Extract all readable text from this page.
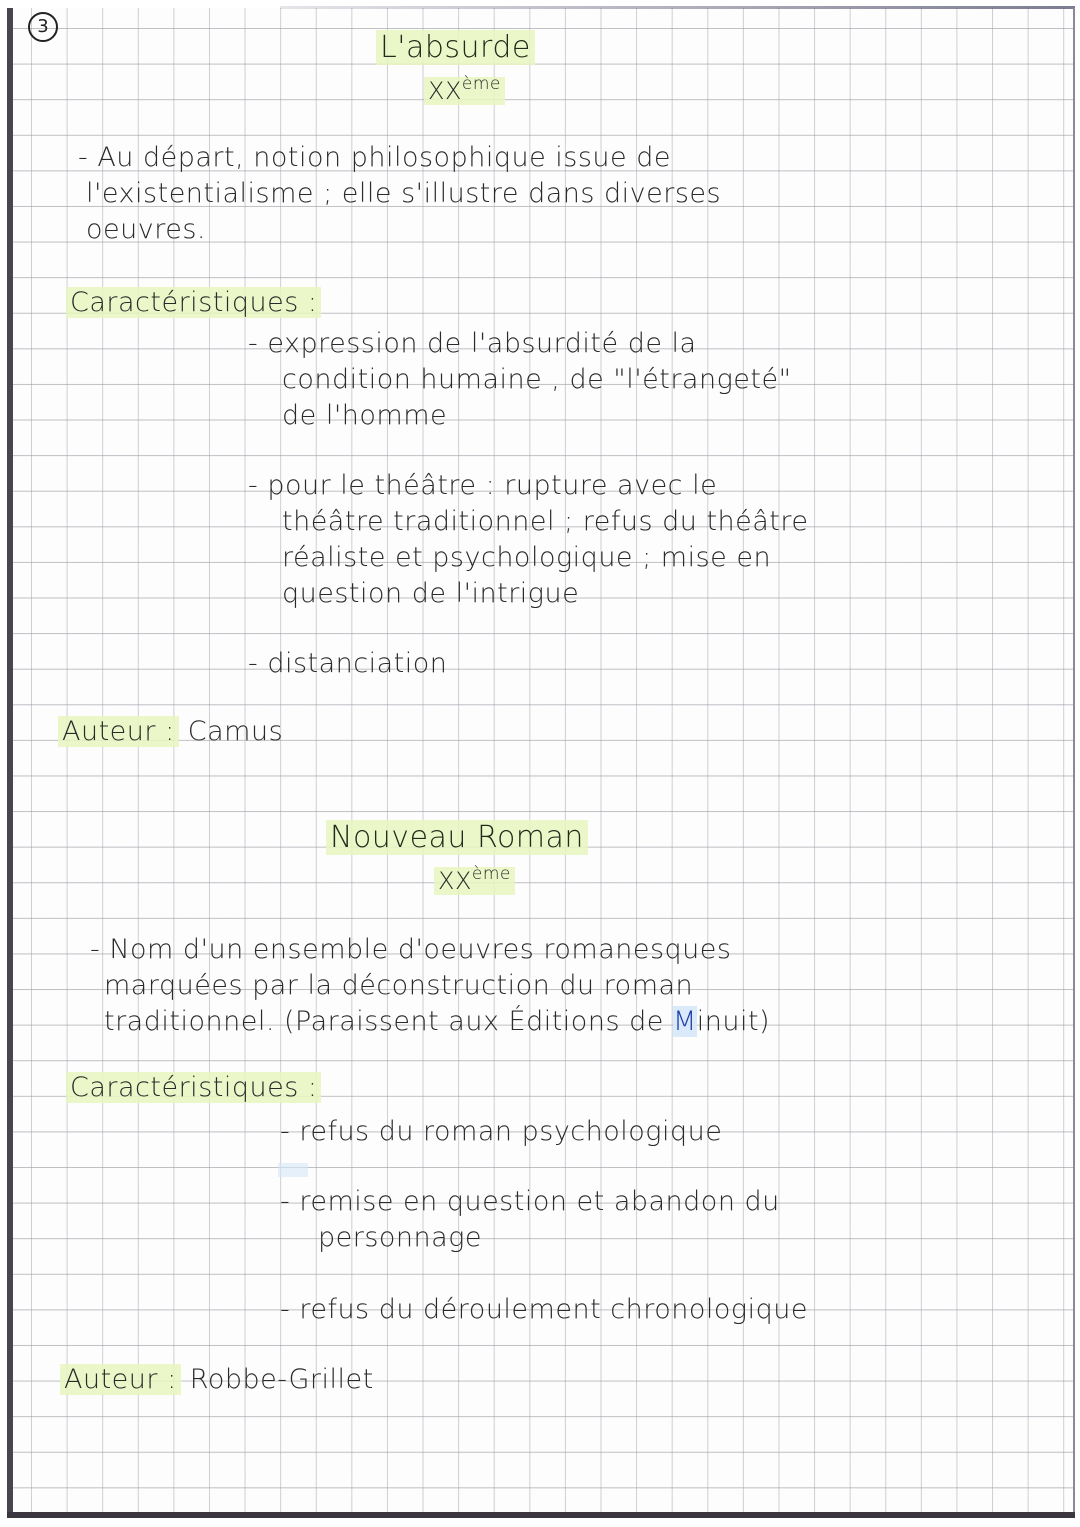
3
L'absurde
XXème
- Au départ, notion philosophique issue de
l'existentialisme ; elle s'illustre dans diverses
oeuvres.
Caractéristiques :
- expression de l'absurdité de la
condition humaine , de "l'étrangeté"
de l'homme
- pour le théâtre : rupture avec le
théâtre traditionnel ; refus du théâtre
réaliste et psychologique ; mise en
question de l'intrigue
- distanciation
Auteur : Camus
Nouveau Roman
XXème
- Nom d'un ensemble d'oeuvres romanesques
marquées par la déconstruction du roman
traditionnel. (Paraissent aux Éditions de Minuit)
Caractéristiques :
- refus du roman psychologique
- remise en question et abandon du
personnage
- refus du déroulement chronologique
Auteur : Robbe-Grillet
